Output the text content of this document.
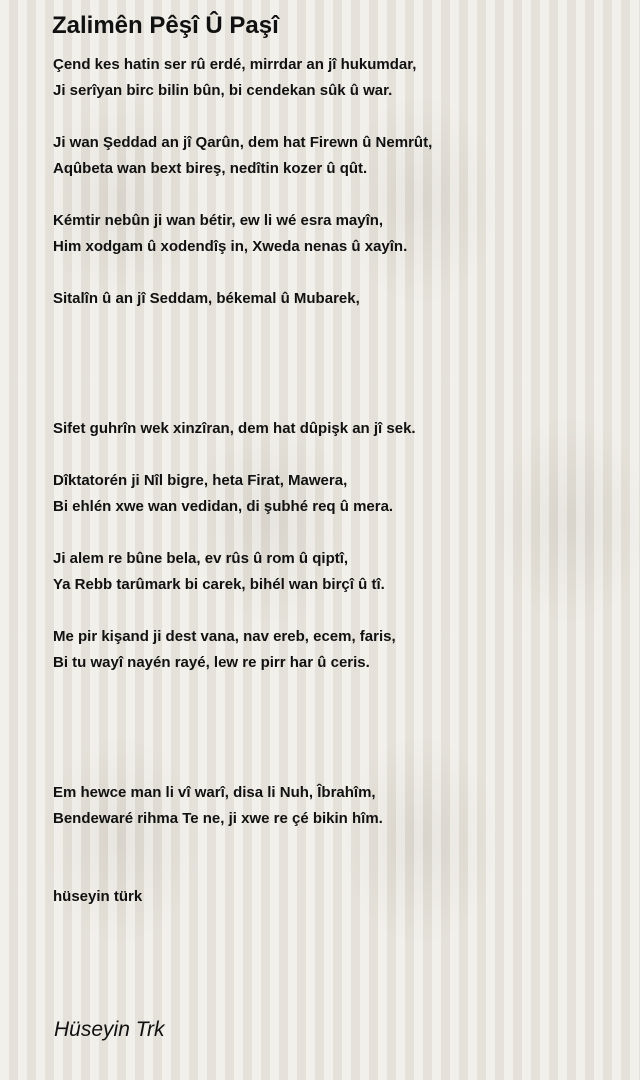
Zalimên Pêşî Û Paşî
Çend kes hatin ser rû erdé, mirrdar an jî hukumdar,
Ji serîyan birc bilin bûn, bi cendekan sûk û war.
Ji wan Şeddad an jî Qarûn, dem hat Firewn û Nemrût,
Aqûbeta wan bext bireş, nedîtin kozer û qût.
Kémtir nebûn ji wan bétir, ew li wé esra mayîn,
Him xodgam û xodendîş in, Xweda nenas û xayîn.
Sitalîn û an jî Seddam, békemal û Mubarek,
Sifet guhrîn wek xinzîran, dem hat dûpişk an jî sek.
Dîktatorén ji Nîl bigre, heta Firat, Mawera,
Bi ehlén xwe wan vedidan, di şubhé req û mera.
Ji alem re bûne bela, ev rûs û rom û qiptî,
Ya Rebb tarûmark bi carek, bihél wan birçî û tî.
Me pir kişand ji dest vana, nav ereb, ecem, faris,
Bi tu wayî nayén rayé, lew re pirr har û ceris.
Em hewce man li vî warî, disa li Nuh, Îbrahîm,
Bendewaré rihma Te ne, ji xwe re çé bikin hîm.
hüseyin türk
Hüseyin Trk
